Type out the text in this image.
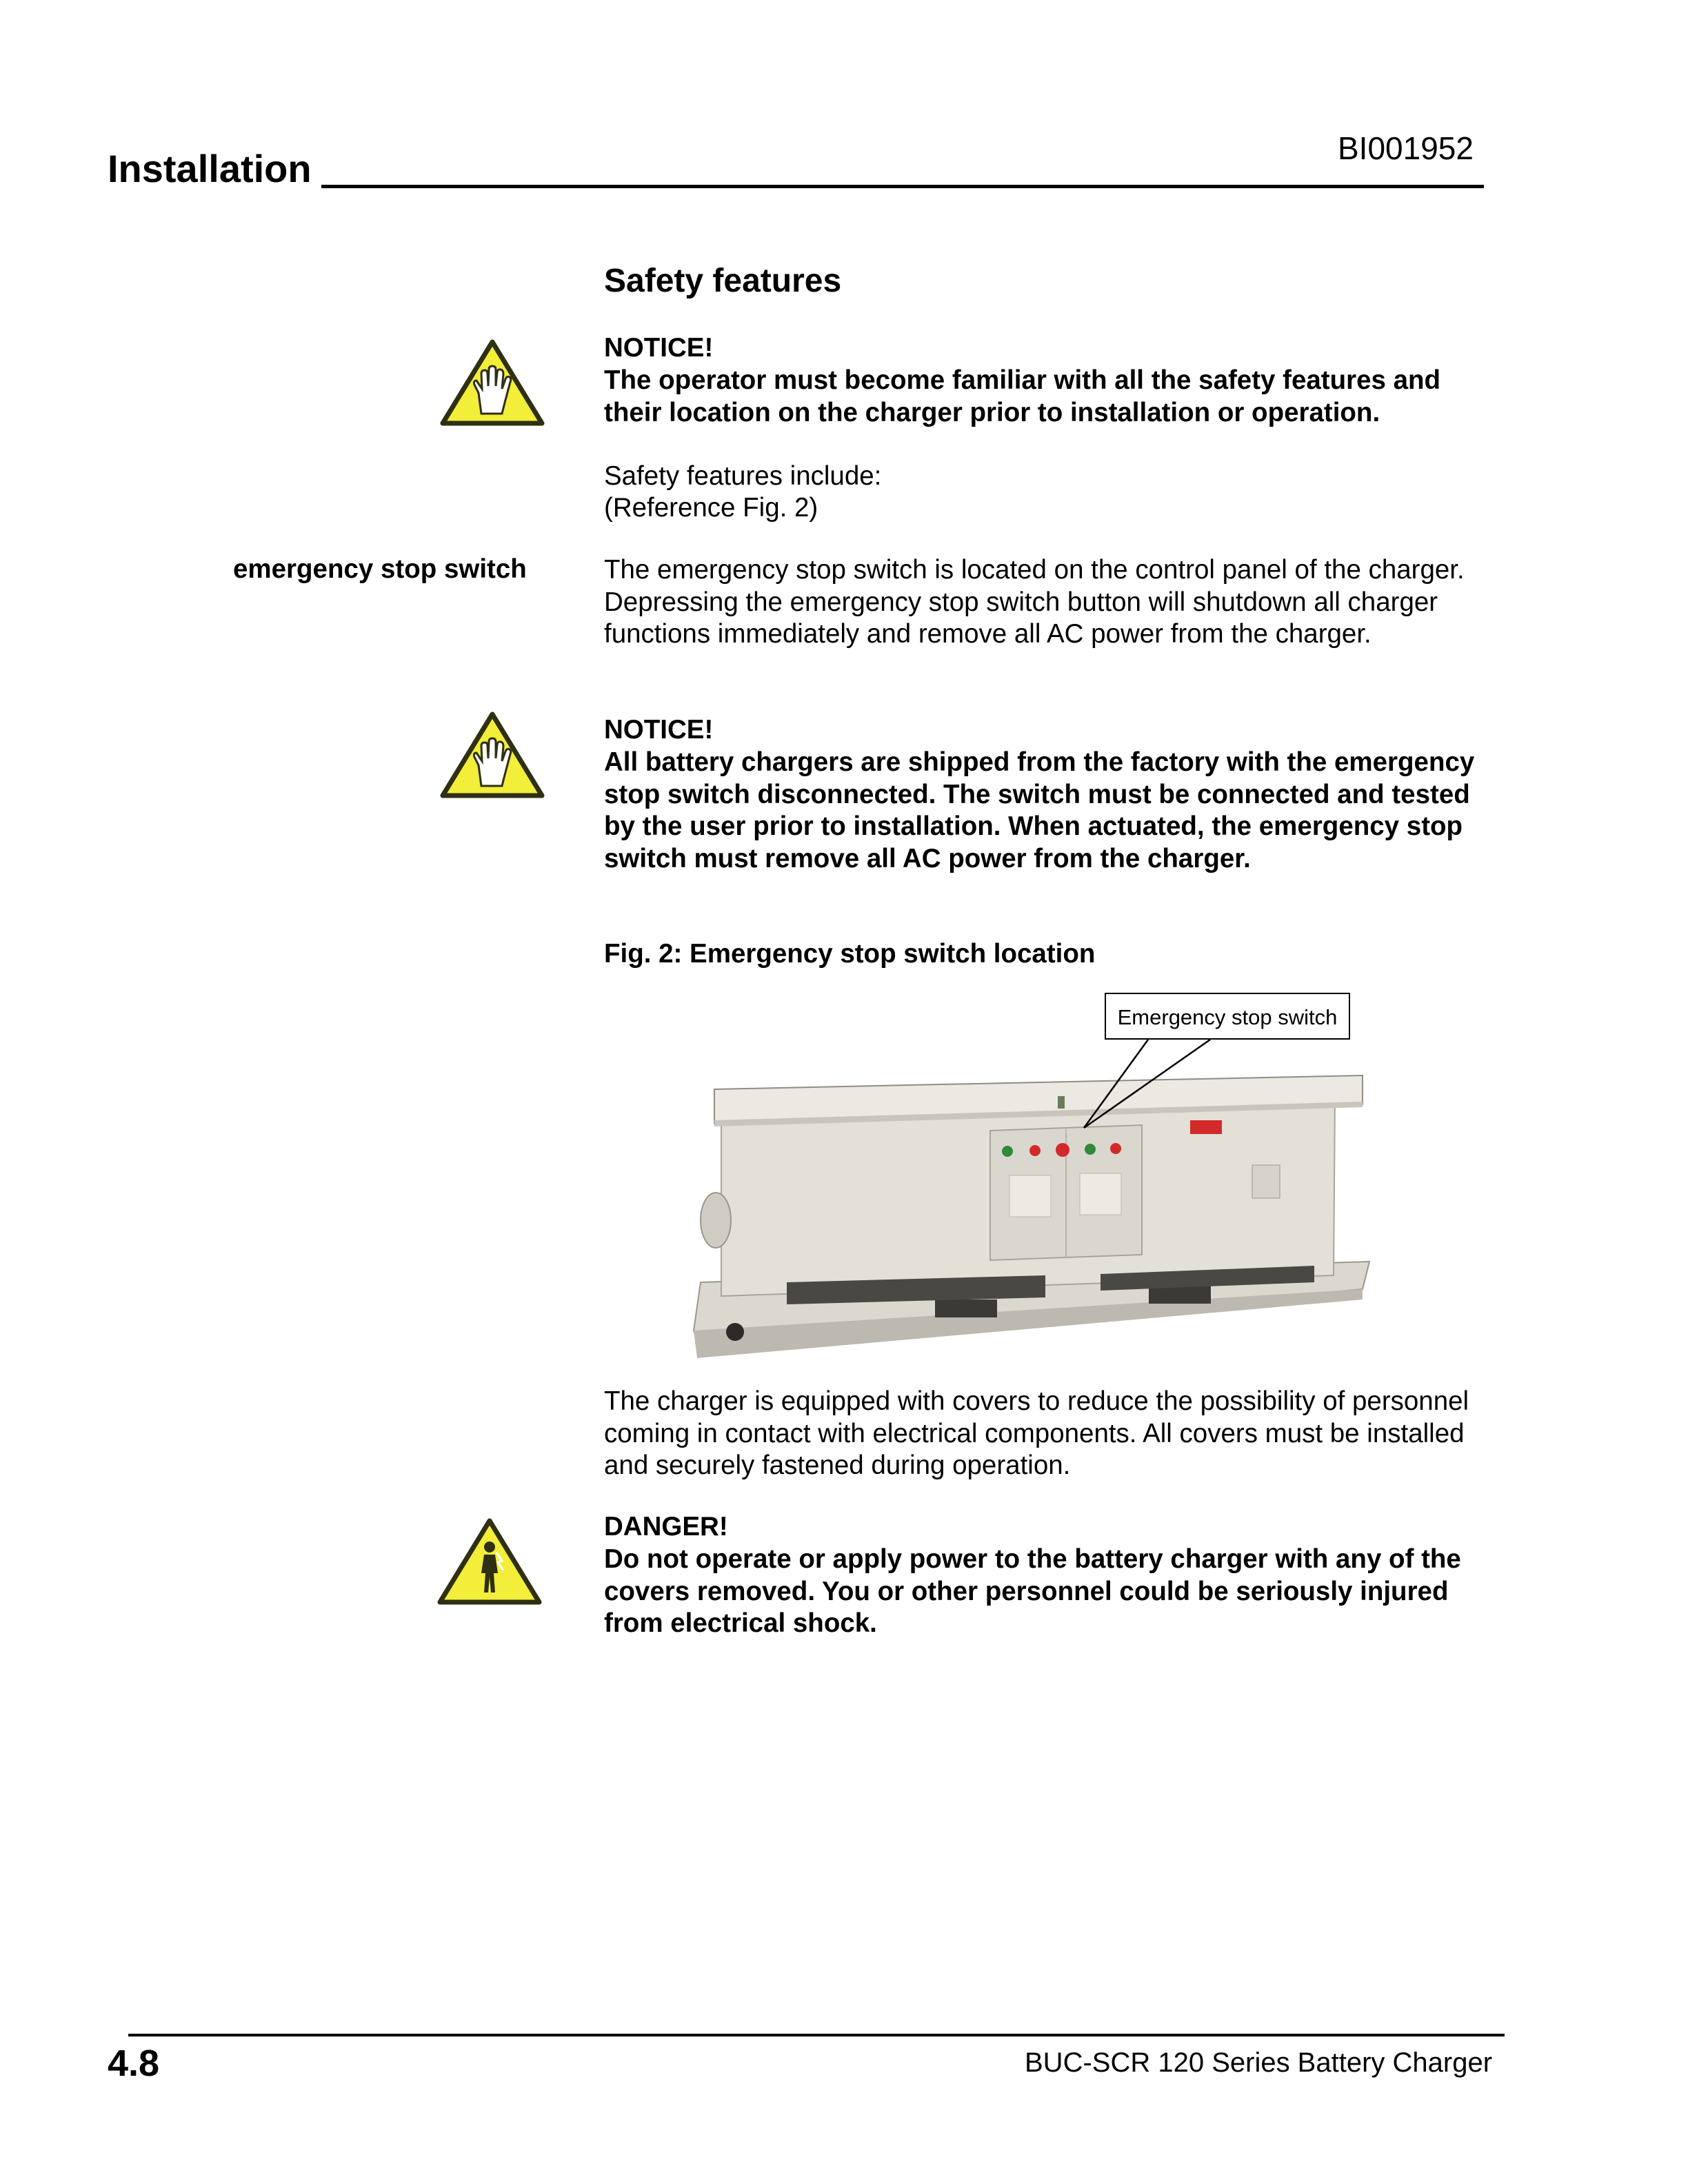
BI001952
Installation
Safety features
NOTICE!
The operator must become familiar with all the safety features and their location on the charger prior to installation or operation.
Safety features include:
(Reference Fig. 2)
emergency stop switch	The emergency stop switch is located on the control panel of the charger. Depressing the emergency stop switch button will shutdown all charger functions immediately and remove all AC power from the charger.
NOTICE!
All battery chargers are shipped from the factory with the emergency stop switch disconnected. The switch must be connected and tested by the user prior to installation. When actuated, the emergency stop switch must remove all AC power from the charger.
Fig. 2: Emergency stop switch location
Emergency stop switch
The charger is equipped with covers to reduce the possibility of personnel coming in contact with electrical components. All covers must be installed and securely fastened during operation.
DANGER!
Do not operate or apply power to the battery charger with any of the covers removed. You or other personnel could be seriously injured from electrical shock.
4.8	BUC-SCR 120 Series Battery Charger
